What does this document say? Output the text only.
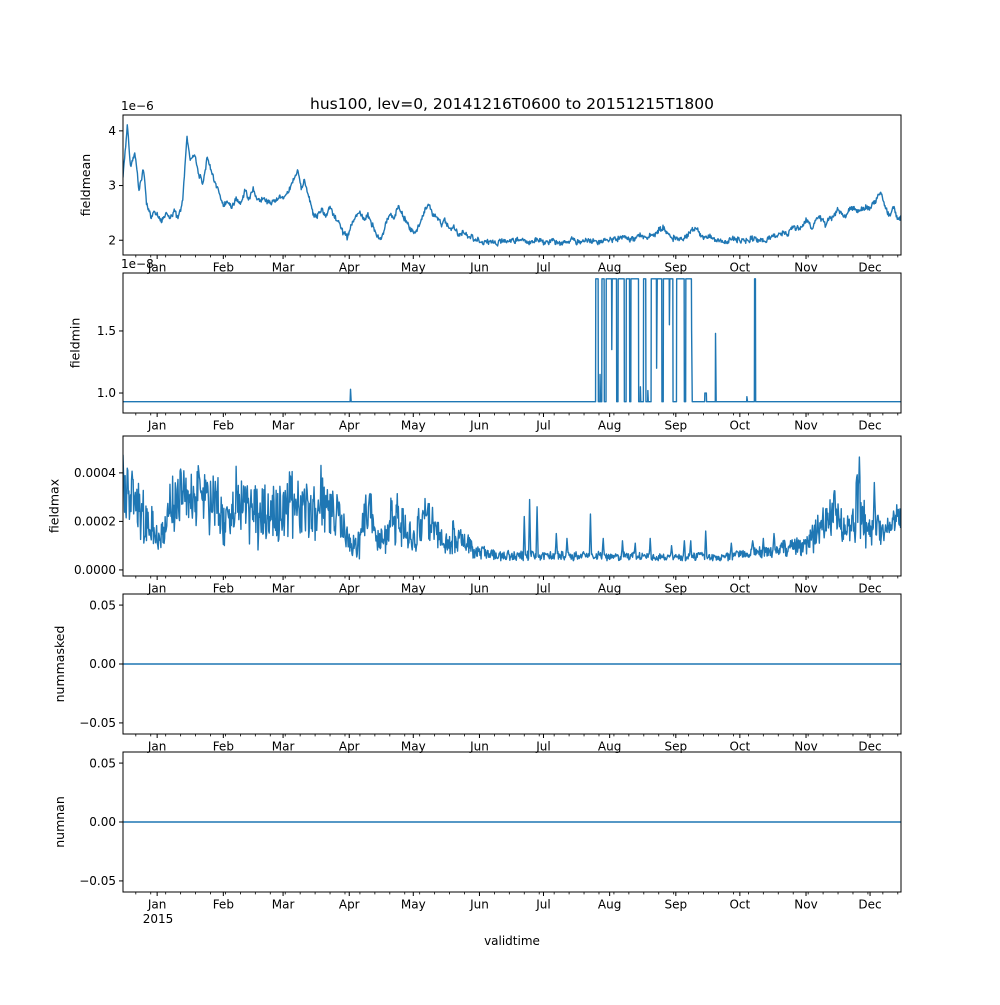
hus100, lev=0, 20141216T0600 to 20151215T1800
2
3
4
Jan	Feb	Mar	Apr	May	Jun	Jul	Aug	Sep	Oct	Nov	Dec
fieldmean
1e−6
1.0
1.5
Jan	Feb	Mar	Apr	May	Jun	Jul	Aug	Sep	Oct	Nov	Dec
fieldmin
1e−8
0.0000
0.0002
0.0004
Jan	Feb	Mar	Apr	May	Jun	Jul	Aug	Sep	Oct	Nov	Dec
fieldmax
−0.05
0.00
0.05
Jan	Feb	Mar	Apr	May	Jun	Jul	Aug	Sep	Oct	Nov	Dec
nummasked
−0.05
0.00
0.05
Jan	Feb	Mar	Apr	May	Jun	Jul	Aug	Sep	Oct	Nov	Dec
numnan
2015
validtime
